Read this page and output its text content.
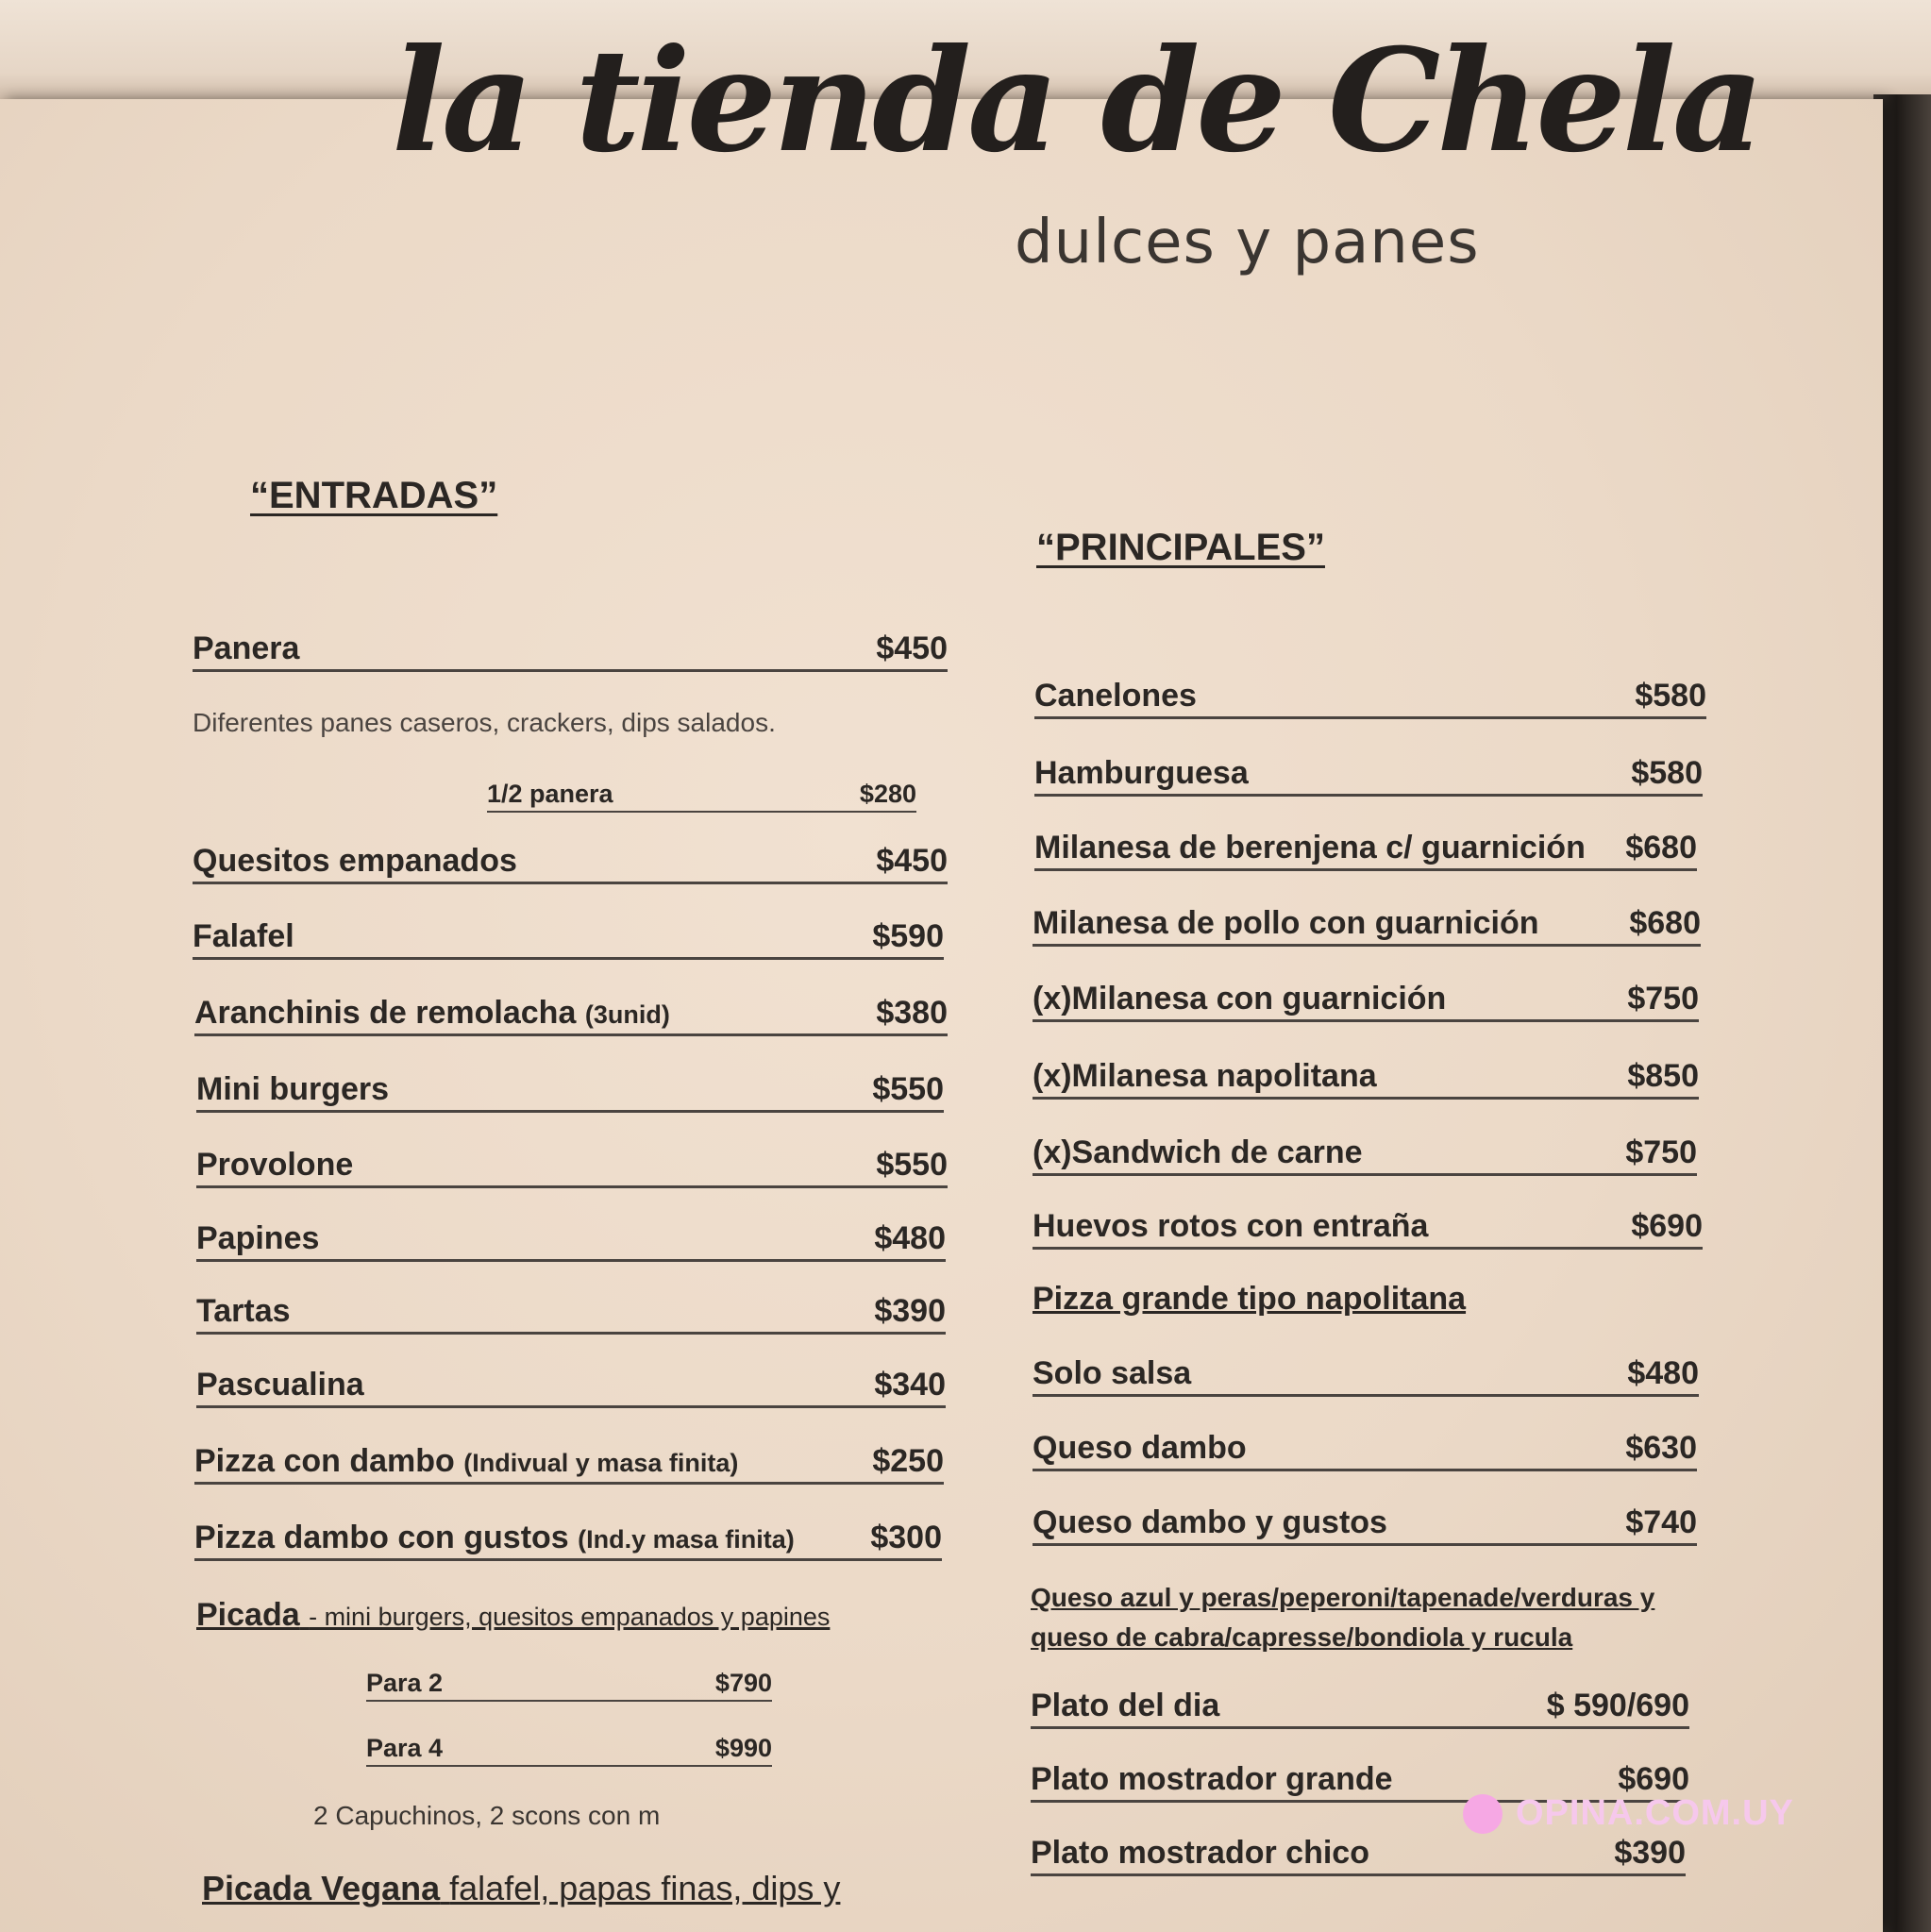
la tienda de Chela
dulces y panes
“ENTRADAS”
Panera	$450
Diferentes panes caseros, crackers, dips salados.
1/2 panera	$280
Quesitos empanados	$450
Falafel	$590
Aranchinis de remolacha (3unid)	$380
Mini burgers	$550
Provolone	$550
Papines	$480
Tartas	$390
Pascualina	$340
Pizza con dambo (Indivual y masa finita)	$250
Pizza dambo con gustos (Ind.y masa finita) $300
Picada - mini burgers, quesitos empanados y papines
Para 2	$790
Para 4	$990
2 Capuchinos, 2 scons con m
Picada Vegana falafel, papas finas, dips y
“PRINCIPALES”
Canelones	$580
Hamburguesa	$580
Milanesa de berenjena c/ guarnición $680
Milanesa de pollo con guarnición	$680
(x)Milanesa con guarnición	$750
(x)Milanesa napolitana	$850
(x)Sandwich de carne	$750
Huevos rotos con entraña	$690
Pizza grande tipo napolitana
Solo salsa	$480
Queso dambo	$630
Queso dambo y gustos	$740
Queso azul y peras/peperoni/tapenade/verduras y queso de cabra/capresse/bondiola y rucula
Plato del dia	$ 590/690
Plato mostrador grande	$690
Plato mostrador chico	$390
OPINA.COM.UY
